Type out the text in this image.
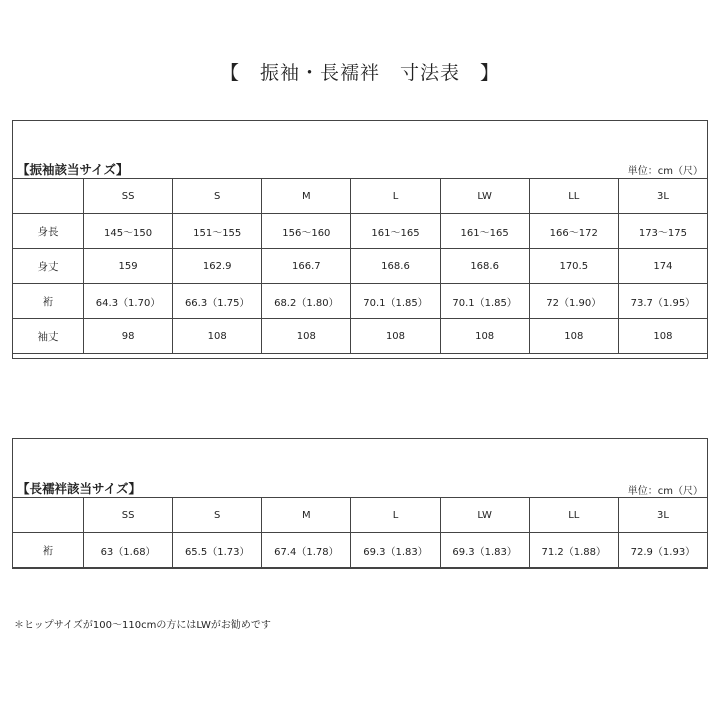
【　振袖・長襦袢　寸法表　】
【振袖該当サイズ】	単位：cm（尺）
	SS	S	M	L	LW	LL	3L
身長	145〜150	151〜155	156〜160	161〜165	161〜165	166〜172	173〜175
身丈	159	162.9	166.7	168.6	168.6	170.5	174
裄	64.3（1.70）	66.3（1.75）	68.2（1.80）	70.1（1.85）	70.1（1.85）	72（1.90）	73.7（1.95）
袖丈	98	108	108	108	108	108	108
【長襦袢該当サイズ】	単位：cm（尺）
	SS	S	M	L	LW	LL	3L
裄	63（1.68）	65.5（1.73）	67.4（1.78）	69.3（1.83）	69.3（1.83）	71.2（1.88）	72.9（1.93）
＊ヒップサイズが100〜110cmの方にはLWがお勧めです
